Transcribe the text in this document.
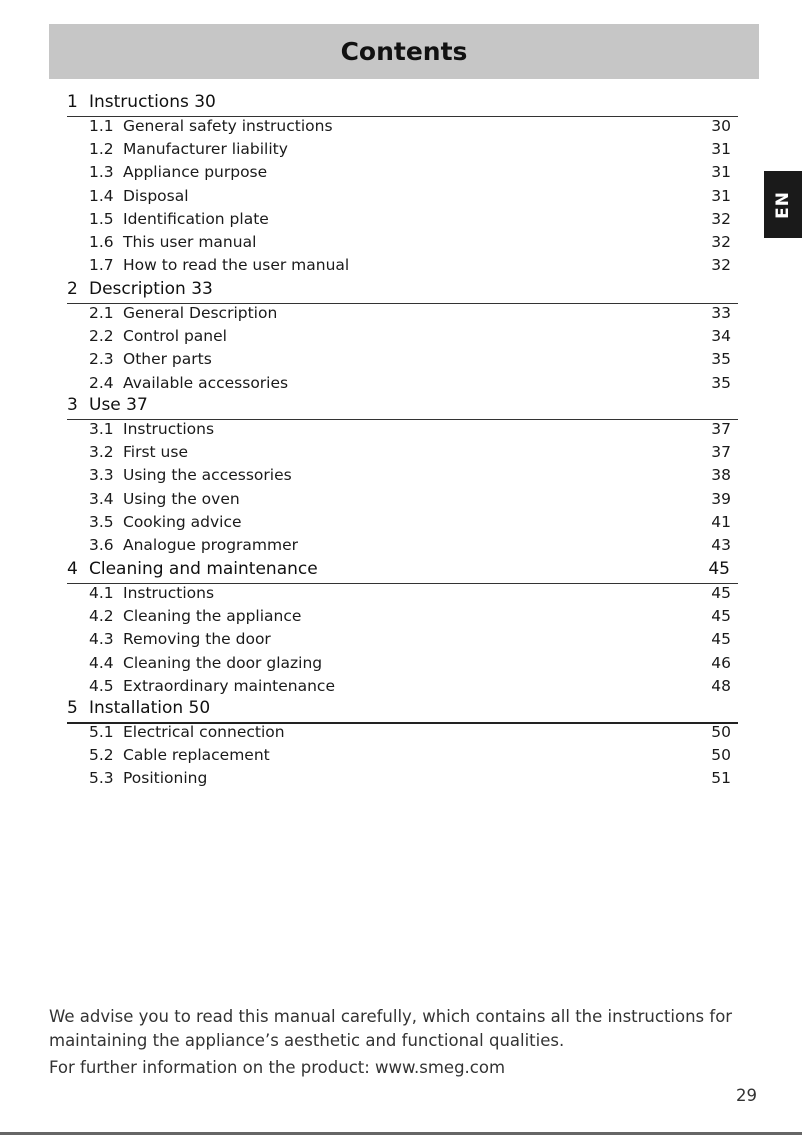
Contents
EN
1 Instructions 30
1.1 General safety instructions	30
1.2 Manufacturer liability	31
1.3 Appliance purpose	31
1.4 Disposal	31
1.5 Identification plate	32
1.6 This user manual	32
1.7 How to read the user manual	32
2 Description 33
2.1 General Description	33
2.2 Control panel	34
2.3 Other parts	35
2.4 Available accessories	35
3 Use 37
3.1 Instructions	37
3.2 First use	37
3.3 Using the accessories	38
3.4 Using the oven	39
3.5 Cooking advice	41
3.6 Analogue programmer	43
4 Cleaning and maintenance	45
4.1 Instructions	45
4.2 Cleaning the appliance	45
4.3 Removing the door	45
4.4 Cleaning the door glazing	46
4.5 Extraordinary maintenance	48
5 Installation 50
5.1 Electrical connection	50
5.2 Cable replacement	50
5.3 Positioning	51

We advise you to read this manual carefully, which contains all the instructions for

maintaining the appliance’s aesthetic and functional qualities.

For further information on the product: www.smeg.com

29
